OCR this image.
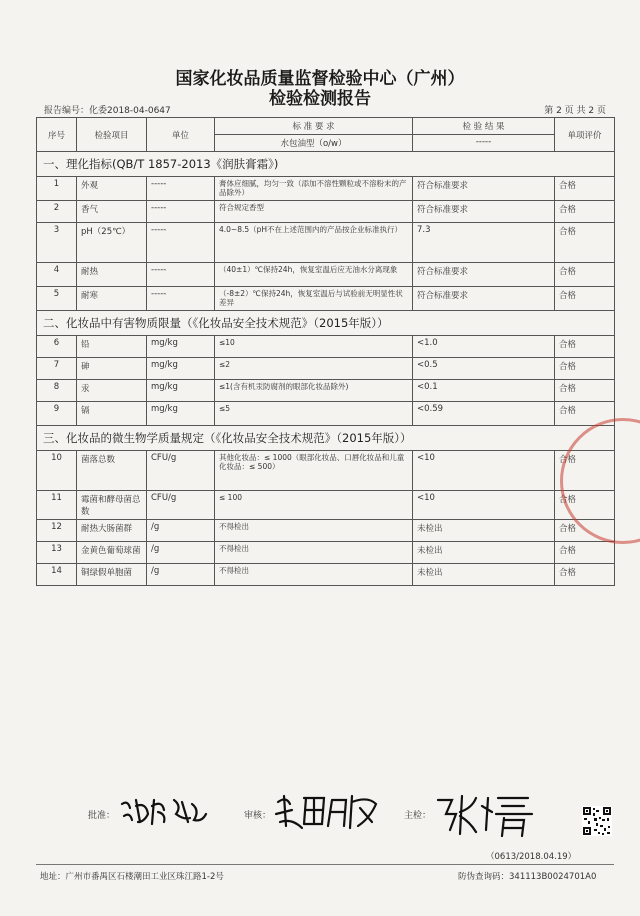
国家化妆品质量监督检验中心（广州）
检验检测报告
报告编号：化委2018-04-0647	第 2 页 共 2 页
序号	检验项目	单位	标 准 要 求	检 验 结 果	单项评价
			水包油型（o/w）	-----	
一、理化指标(QB/T 1857-2013《润肤膏霜》)					
1	外观	-----	膏体应细腻，均匀一致（添加不溶性颗粒或不溶粉末的产品除外）	符合标准要求	合格
2	香气	-----	符合规定香型	符合标准要求	合格
3	pH（25℃）	-----	4.0~8.5（pH不在上述范围内的产品按企业标准执行）	7.3	合格
4	耐热	-----	（40±1）℃保持24h，恢复室温后应无油水分离现象	符合标准要求	合格
5	耐寒	-----	（-8±2）℃保持24h，恢复室温后与试验前无明显性状差异	符合标准要求	合格
二、化妆品中有害物质限量（《化妆品安全技术规范》（2015年版））					
6	铅	mg/kg	≤10	<1.0	合格
7	砷	mg/kg	≤2	<0.5	合格
8	汞	mg/kg	≤1(含有机汞防腐剂的眼部化妆品除外)	<0.1	合格
9	镉	mg/kg	≤5	<0.59	合格
三、化妆品的微生物学质量规定（《化妆品安全技术规范》（2015年版））					
10	菌落总数	CFU/g	其他化妆品：≤ 1000（眼部化妆品、口唇化妆品和儿童化妆品：≤ 500）	<10	合格
11	霉菌和酵母菌总数	CFU/g	≤ 100	<10	合格
12	耐热大肠菌群	/g	不得检出	未检出	合格
13	金黄色葡萄球菌	/g	不得检出	未检出	合格
14	铜绿假单胞菌	/g	不得检出	未检出	合格
批准：	审核：	主检：
（0613/2018.04.19）
地址：广州市番禺区石楼潮田工业区珠江路1-2号	防伪查询码：341113B0024701A0
